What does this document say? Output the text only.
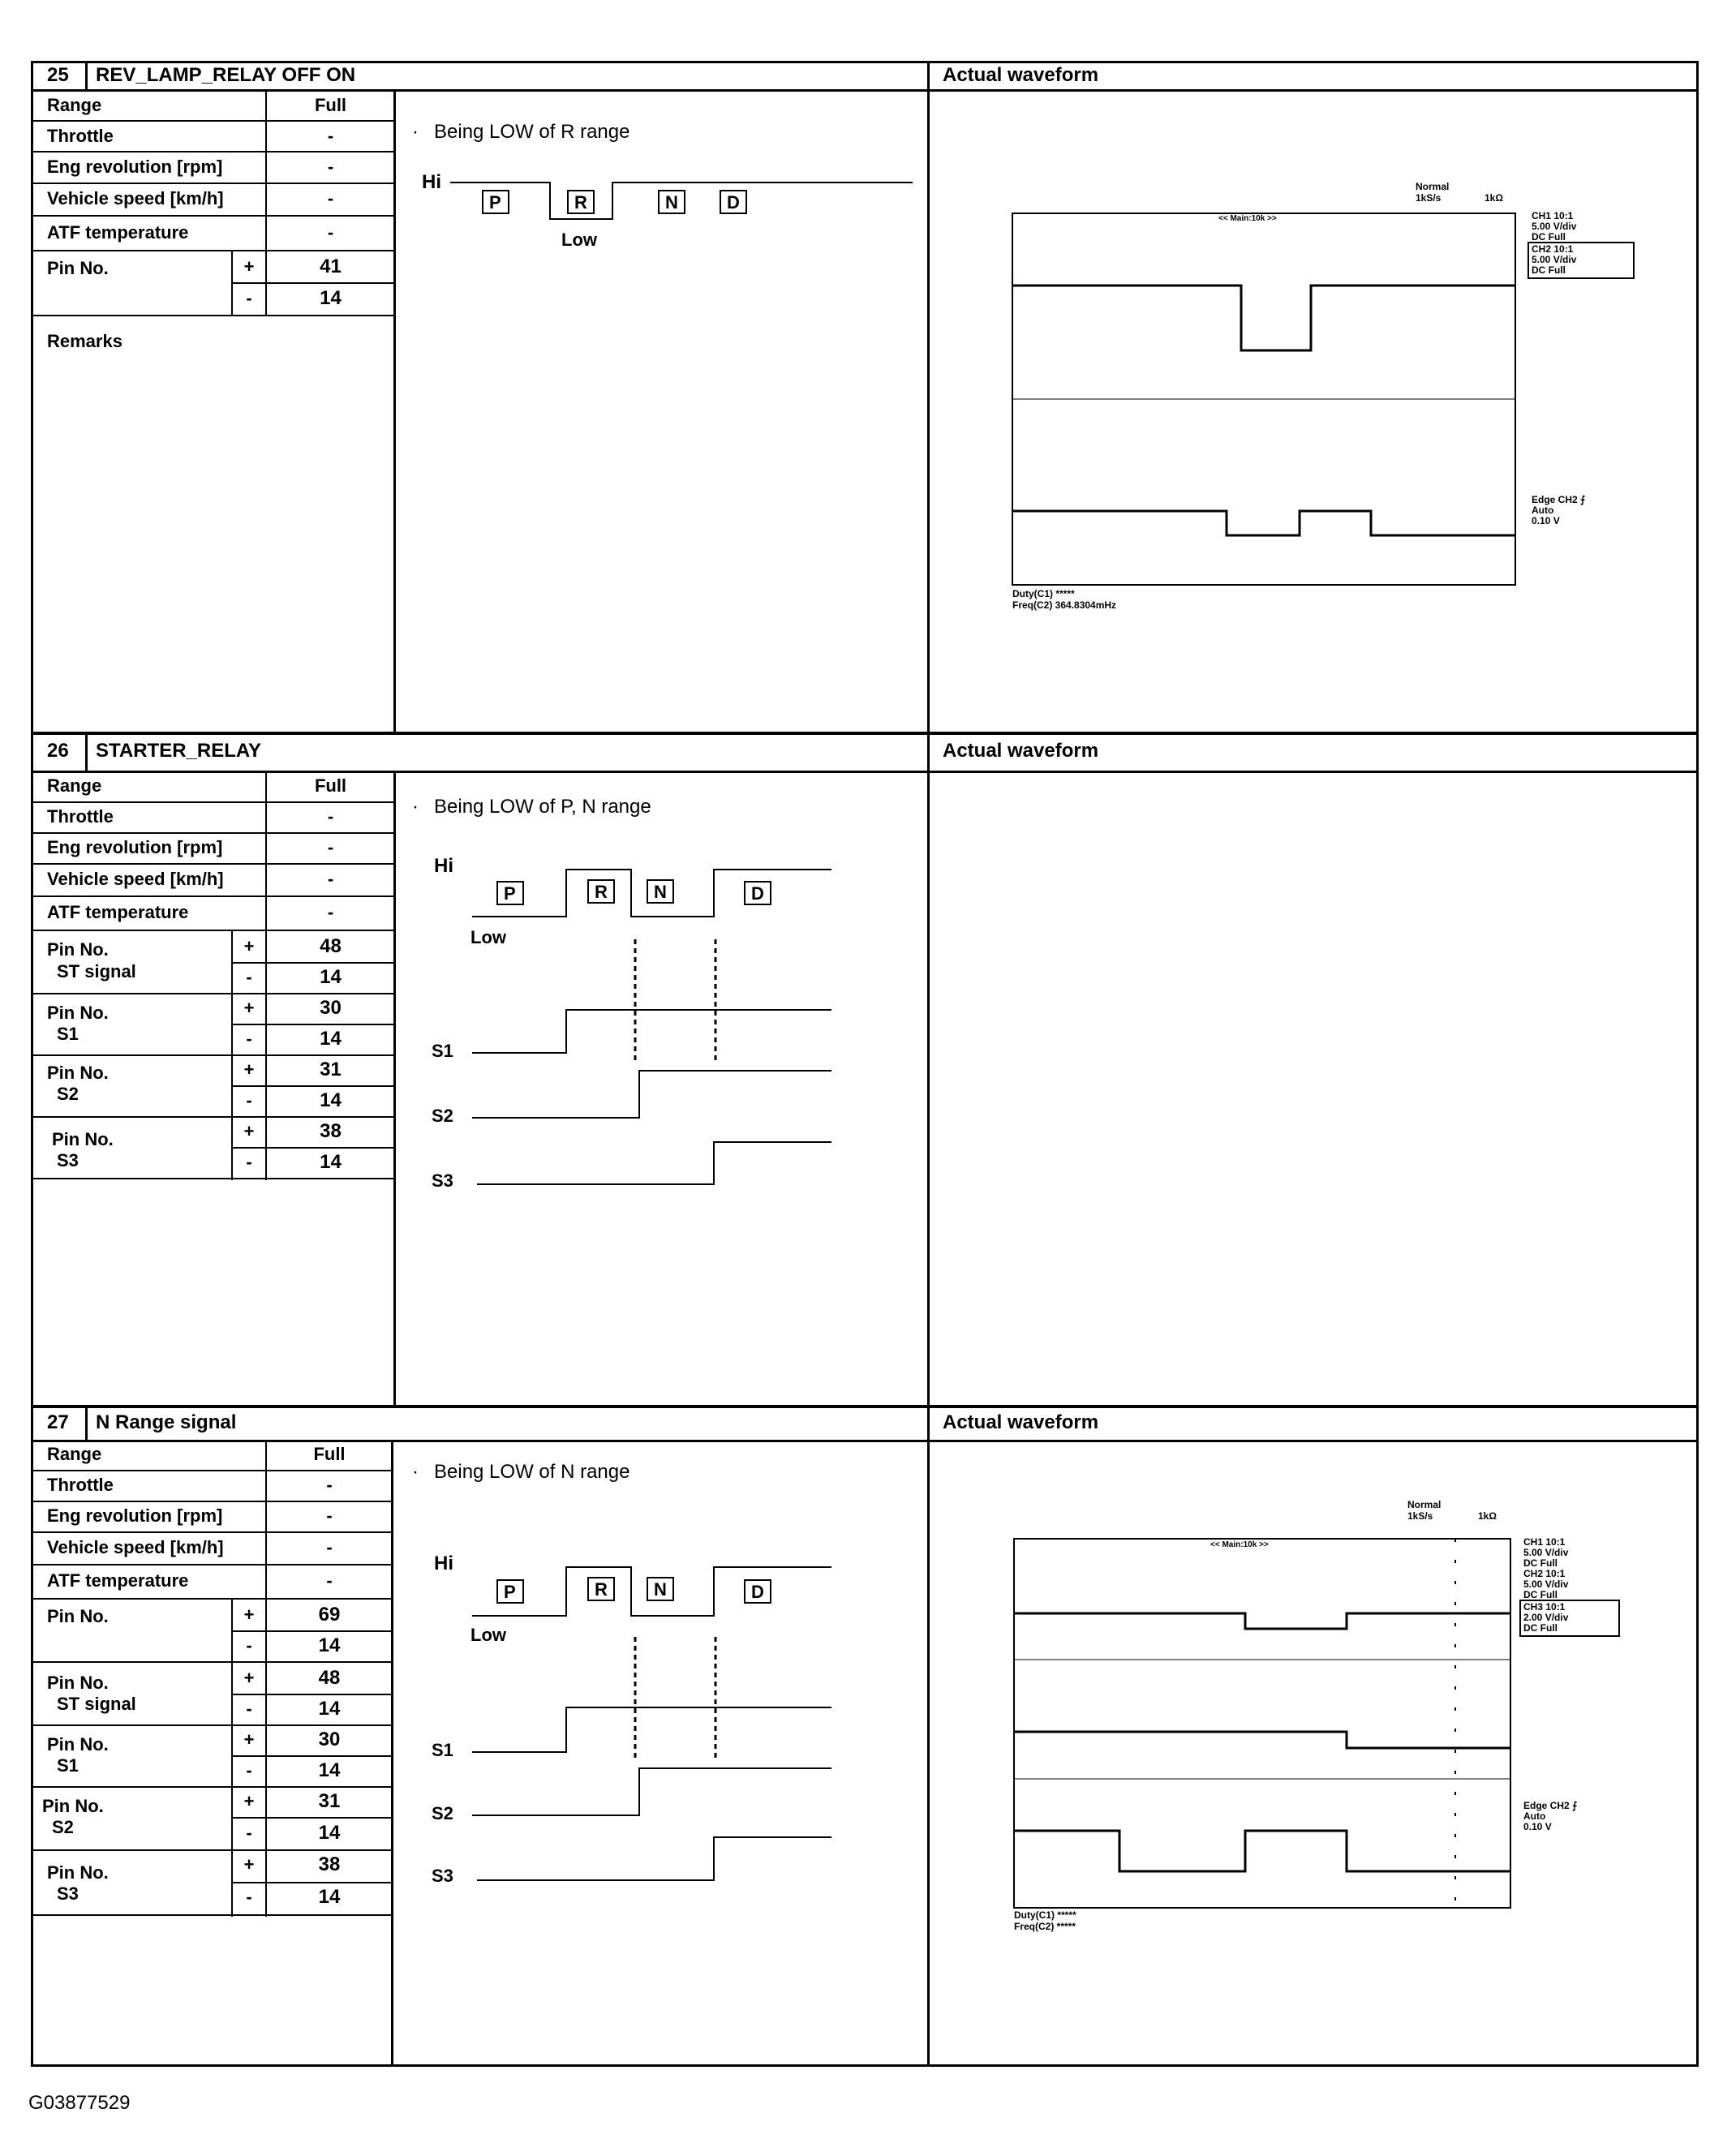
25 REV_LAMP_RELAY OFF ON	Actual waveform
Range	Full
Throttle	-
Eng revolution [rpm]	-
Vehicle speed [km/h]	-
ATF temperature	-
Pin No.	+	41
-	14
Remarks
· Being LOW of R range
Hi
Low
P	R	N	D
Normal
1kS/s	1kΩ
<< Main:10k >>	CH1 10:1
5.00 V/div
DC Full
CH2 10:1
5.00 V/div
DC Full
Edge CH2 ⨍
Auto
0.10 V
Duty(C1) *****
Freq(C2) 364.8304mHz
26 STARTER_RELAY	Actual waveform
Range	Full
Throttle	-
Eng revolution [rpm]	-
Vehicle speed [km/h]	-
ATF temperature	-
Pin No.
ST signal
+	48
-	14
Pin No.
S1
+	30
-	14
Pin No.
S2
+	31
-	14
Pin No.
S3
+	38
-	14
· Being LOW of P, N range
Hi
Low
P	R	N	D
S1
S2
S3
27 N Range signal	Actual waveform
Range	Full
Throttle	-
Eng revolution [rpm]	-
Vehicle speed [km/h]	-
ATF temperature	-
Pin No.	+	69
-	14
Pin No.
ST signal
+	48
-	14
Pin No.
S1
+	30
-	14
Pin No.
S2
+	31
-	14
Pin No.
S3
+	38
-	14
· Being LOW of N range
Hi
Low
P	R	N	D
S1
S2
S3
Normal
1kS/s	1kΩ
<< Main:10k >>	CH1 10:1
5.00 V/div
DC Full
CH2 10:1
5.00 V/div
DC Full
CH3 10:1
2.00 V/div
DC Full
Edge CH2 ⨍
Auto
0.10 V
Duty(C1) *****
Freq(C2) *****
G03877529
